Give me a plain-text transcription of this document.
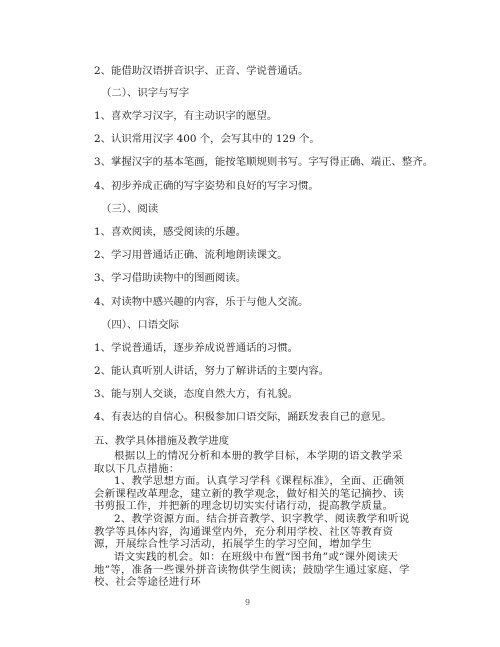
2、能借助汉语拼音识字、正音、学说普通话。
（二）、识字与写字
1、喜欢学习汉字，有主动识字的愿望。
2、认识常用汉字 400 个，会写其中的 129 个。
3、掌握汉字的基本笔画，能按笔顺规则书写。字写得正确、端正、整齐。
4、初步养成正确的写字姿势和良好的写字习惯。
（三）、阅读
1、喜欢阅读，感受阅读的乐趣。
2、学习用普通话正确、流利地朗读课文。
3、学习借助读物中的图画阅读。
4、对读物中感兴趣的内容，乐于与他人交流。
（四）、口语交际
1、学说普通话，逐步养成说普通话的习惯。
2、能认真听别人讲话，努力了解讲话的主要内容。
3、能与别人交谈，态度自然大方，有礼貌。
4、有表达的自信心。积极参加口语交际，踊跃发表自己的意见。
五、教学具体措施及教学进度
根据以上的情况分析和本册的教学目标，本学期的语文教学采取以下几点措施：
1、教学思想方面。认真学习学科《课程标准》，全面、正确领会新课程改革理念，建立新的教学观念，做好相关的笔记摘抄、读书剪报工作，并把新的理念切切实实付诸行动，提高教学质量。
2、教学资源方面。结合拼音教学、识字教学、阅读教学和听说教学等具体内容，沟通课堂内外，充分利用学校、社区等教育资源，开展综合性学习活动，拓展学生的学习空间，增加学生
语文实践的机会。如：在班级中布置“图书角”或“课外阅读天地”等，准备一些课外拼音读物供学生阅读；鼓励学生通过家庭、学校、社会等途径进行环
9
